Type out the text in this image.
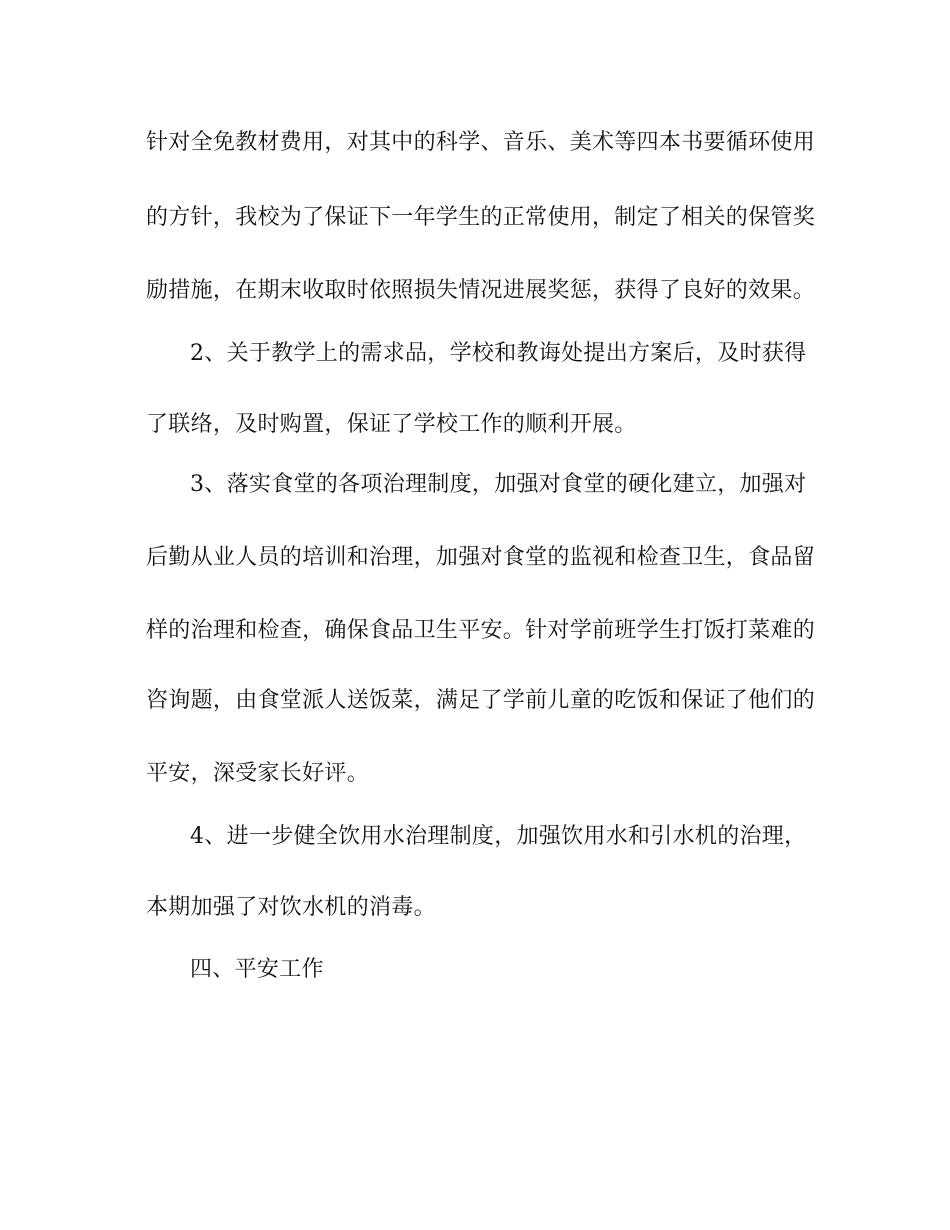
针对全免教材费用，对其中的科学、音乐、美术等四本书要循环使用
的方针，我校为了保证下一年学生的正常使用，制定了相关的保管奖
励措施，在期末收取时依照损失情况进展奖惩，获得了良好的效果。
2、关于教学上的需求品，学校和教诲处提出方案后，及时获得
了联络，及时购置，保证了学校工作的顺利开展。
3、落实食堂的各项治理制度，加强对食堂的硬化建立，加强对
后勤从业人员的培训和治理，加强对食堂的监视和检查卫生，食品留
样的治理和检查，确保食品卫生平安。针对学前班学生打饭打菜难的
咨询题，由食堂派人送饭菜，满足了学前儿童的吃饭和保证了他们的
平安，深受家长好评。
4、进一步健全饮用水治理制度，加强饮用水和引水机的治理，
本期加强了对饮水机的消毒。
四、平安工作
